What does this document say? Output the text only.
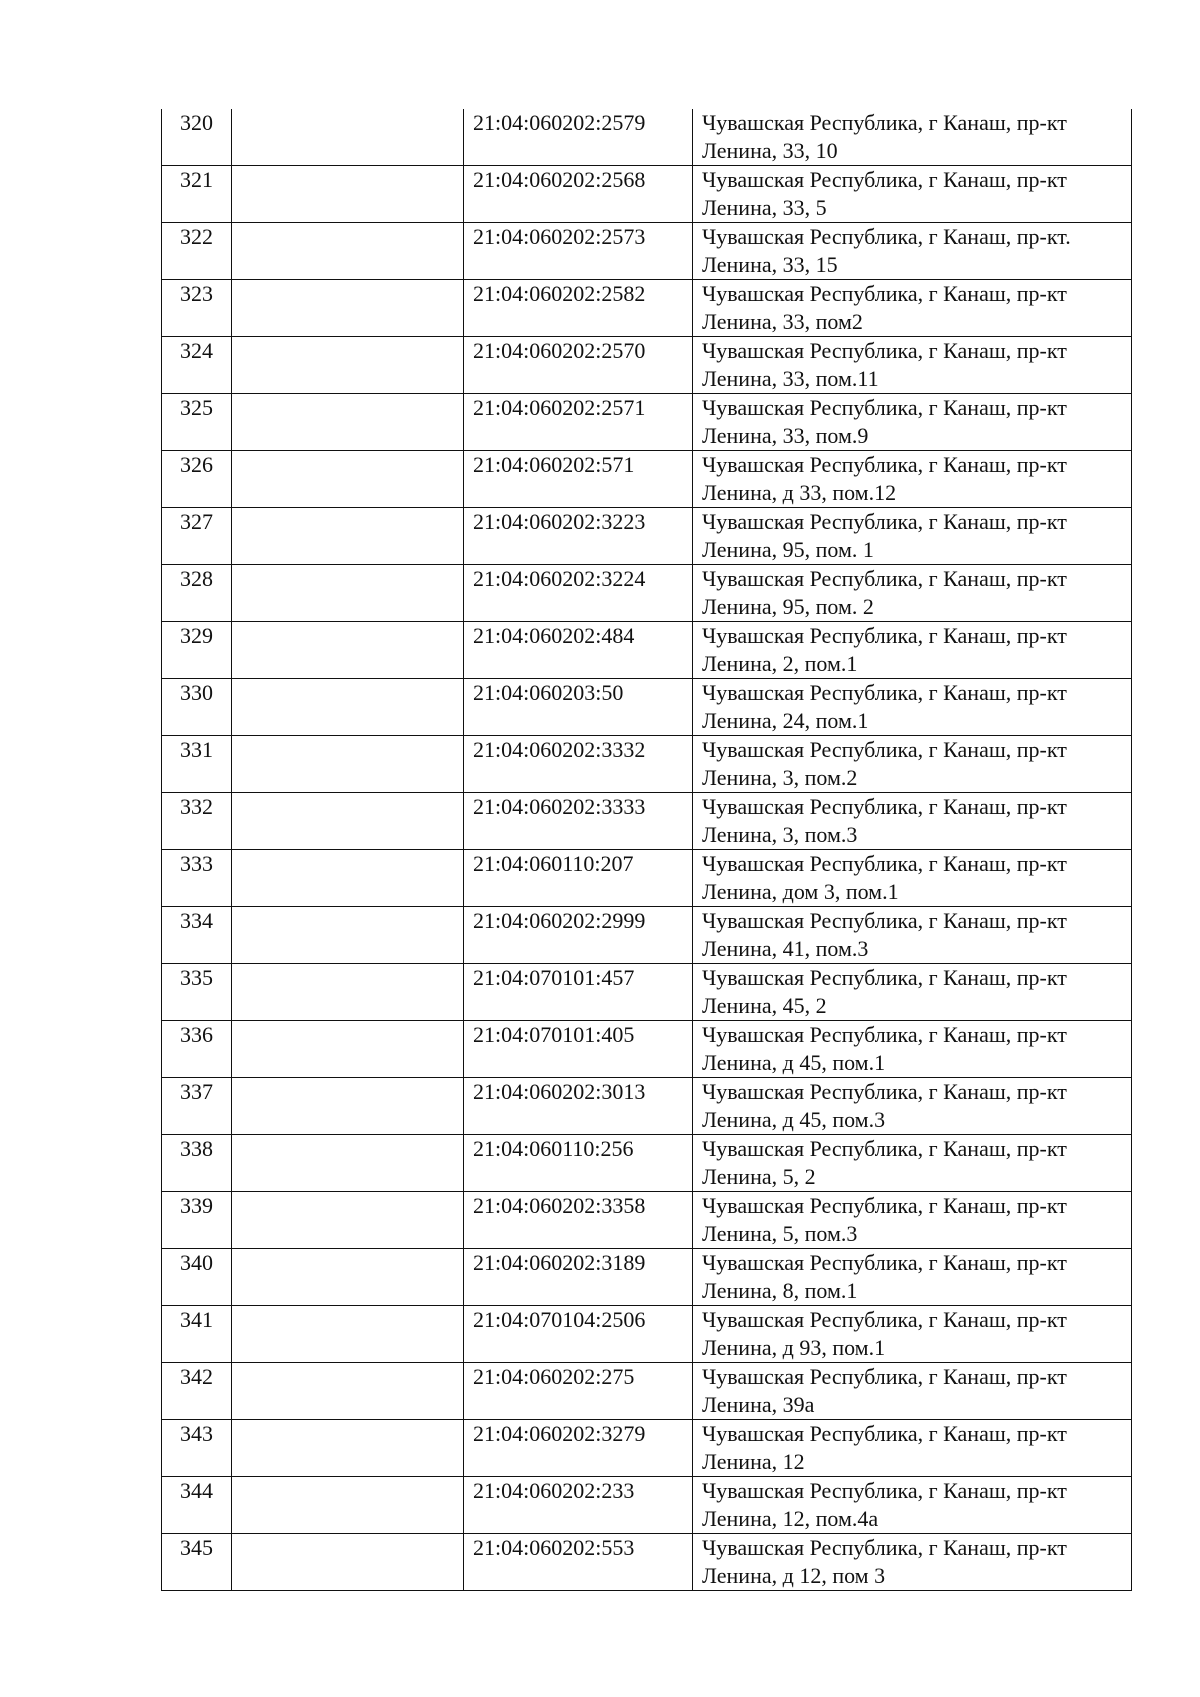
320		21:04:060202:2579	Чувашская Республика, г Канаш, пр-кт Ленина, 33, 10
321		21:04:060202:2568	Чувашская Республика, г Канаш, пр-кт Ленина, 33, 5
322		21:04:060202:2573	Чувашская Республика, г Канаш, пр-кт. Ленина, 33, 15
323		21:04:060202:2582	Чувашская Республика, г Канаш, пр-кт Ленина, 33, пом2
324		21:04:060202:2570	Чувашская Республика, г Канаш, пр-кт Ленина, 33, пом.11
325		21:04:060202:2571	Чувашская Республика, г Канаш, пр-кт Ленина, 33, пом.9
326		21:04:060202:571	Чувашская Республика, г Канаш, пр-кт Ленина, д 33, пом.12
327		21:04:060202:3223	Чувашская Республика, г Канаш, пр-кт Ленина, 95, пом. 1
328		21:04:060202:3224	Чувашская Республика, г Канаш, пр-кт Ленина, 95, пом. 2
329		21:04:060202:484	Чувашская Республика, г Канаш, пр-кт Ленина, 2, пом.1
330		21:04:060203:50	Чувашская Республика, г Канаш, пр-кт Ленина, 24, пом.1
331		21:04:060202:3332	Чувашская Республика, г Канаш, пр-кт Ленина, 3, пом.2
332		21:04:060202:3333	Чувашская Республика, г Канаш, пр-кт Ленина, 3, пом.3
333		21:04:060110:207	Чувашская Республика, г Канаш, пр-кт Ленина, дом 3, пом.1
334		21:04:060202:2999	Чувашская Республика, г Канаш, пр-кт Ленина, 41, пом.3
335		21:04:070101:457	Чувашская Республика, г Канаш, пр-кт Ленина, 45, 2
336		21:04:070101:405	Чувашская Республика, г Канаш, пр-кт Ленина, д 45, пом.1
337		21:04:060202:3013	Чувашская Республика, г Канаш, пр-кт Ленина, д 45, пом.3
338		21:04:060110:256	Чувашская Республика, г Канаш, пр-кт Ленина, 5, 2
339		21:04:060202:3358	Чувашская Республика, г Канаш, пр-кт Ленина, 5, пом.3
340		21:04:060202:3189	Чувашская Республика, г Канаш, пр-кт Ленина, 8, пом.1
341		21:04:070104:2506	Чувашская Республика, г Канаш, пр-кт Ленина, д 93, пом.1
342		21:04:060202:275	Чувашская Республика, г Канаш, пр-кт Ленина, 39а
343		21:04:060202:3279	Чувашская Республика, г Канаш, пр-кт Ленина, 12
344		21:04:060202:233	Чувашская Республика, г Канаш, пр-кт Ленина, 12, пом.4а
345		21:04:060202:553	Чувашская Республика, г Канаш, пр-кт Ленина, д 12, пом 3
